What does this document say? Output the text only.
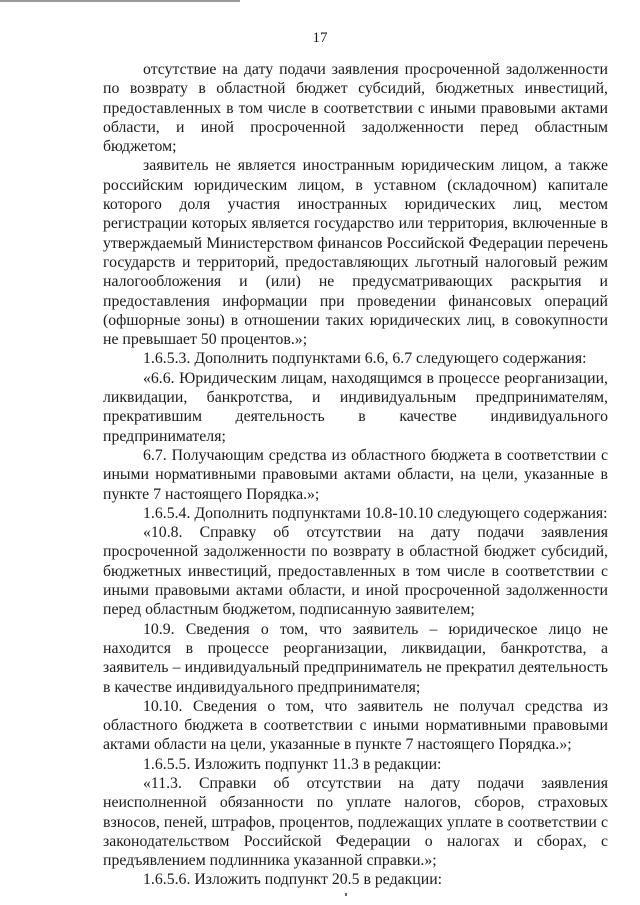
17

отсутствие на дату подачи заявления просроченной задолженности по возврату в областной бюджет субсидий, бюджетных инвестиций, предоставленных в том числе в соответствии с иными правовыми актами области, и иной просроченной задолженности перед областным бюджетом;

заявитель не является иностранным юридическим лицом, а также российским юридическим лицом, в уставном (складочном) капитале которого доля участия иностранных юридических лиц, местом регистрации которых является государство или территория, включенные в утверждаемый Министерством финансов Российской Федерации перечень государств и территорий, предоставляющих льготный налоговый режим налогообложения и (или) не предусматривающих раскрытия и предоставления информации при проведении финансовых операций (офшорные зоны) в отношении таких юридических лиц, в совокупности не превышает 50 процентов.»;

1.6.5.3. Дополнить подпунктами 6.6, 6.7 следующего содержания:

«6.6. Юридическим лицам, находящимся в процессе реорганизации, ликвидации, банкротства, и индивидуальным предпринимателям, прекратившим деятельность в качестве индивидуального предпринимателя;

6.7. Получающим средства из областного бюджета в соответствии с иными нормативными правовыми актами области, на цели, указанные в пункте 7 настоящего Порядка.»;

1.6.5.4. Дополнить подпунктами 10.8-10.10 следующего содержания:

«10.8. Справку об отсутствии на дату подачи заявления просроченной задолженности по возврату в областной бюджет субсидий, бюджетных инвестиций, предоставленных в том числе в соответствии с иными правовыми актами области, и иной просроченной задолженности перед областным бюджетом, подписанную заявителем;

10.9. Сведения о том, что заявитель – юридическое лицо не находится в процессе реорганизации, ликвидации, банкротства, а заявитель – индивидуальный предприниматель не прекратил деятельность в качестве индивидуального предпринимателя;

10.10. Сведения о том, что заявитель не получал средства из областного бюджета в соответствии с иными нормативными правовыми актами области на цели, указанные в пункте 7 настоящего Порядка.»;

1.6.5.5. Изложить подпункт 11.3 в редакции:

«11.3. Справки об отсутствии на дату подачи заявления неисполненной обязанности по уплате налогов, сборов, страховых взносов, пеней, штрафов, процентов, подлежащих уплате в соответствии с законодательством Российской Федерации о налогах и сборах, с предъявлением подлинника указанной справки.»;

1.6.5.6. Изложить подпункт 20.5 в редакции:
